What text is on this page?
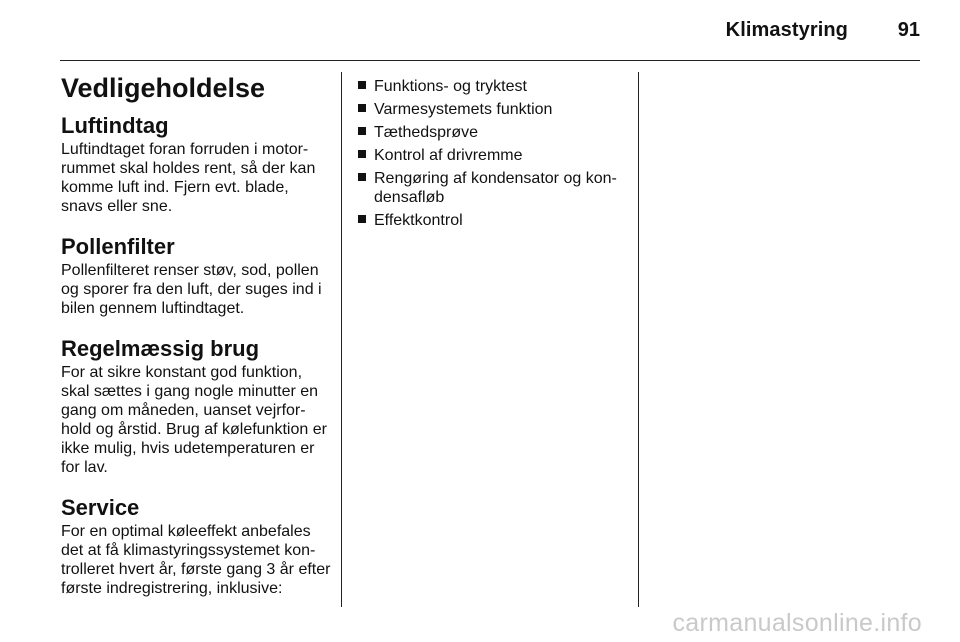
Klimastyring 91
Vedligeholdelse
Luftindtag

Luftindtaget foran forruden i motor-rummet skal holdes rent, så der kan komme luft ind. Fjern evt. blade, snavs eller sne.

Pollenfilter

Pollenfilteret renser støv, sod, pollen og sporer fra den luft, der suges ind i bilen gennem luftindtaget.

Regelmæssig brug

For at sikre konstant god funktion, skal sættes i gang nogle minutter en gang om måneden, uanset vejrfor-hold og årstid. Brug af kølefunktion er ikke mulig, hvis udetemperaturen er for lav.

Service

For en optimal køleeffekt anbefales det at få klimastyringssystemet kon-trolleret hvert år, første gang 3 år efter første indregistrering, inklusive:

Funktions- og tryktest
Varmesystemets funktion
Tæthedsprøve
Kontrol af drivremme
Rengøring af kondensator og kon-densafløb
Effektkontrol
carmanualsonline.info
